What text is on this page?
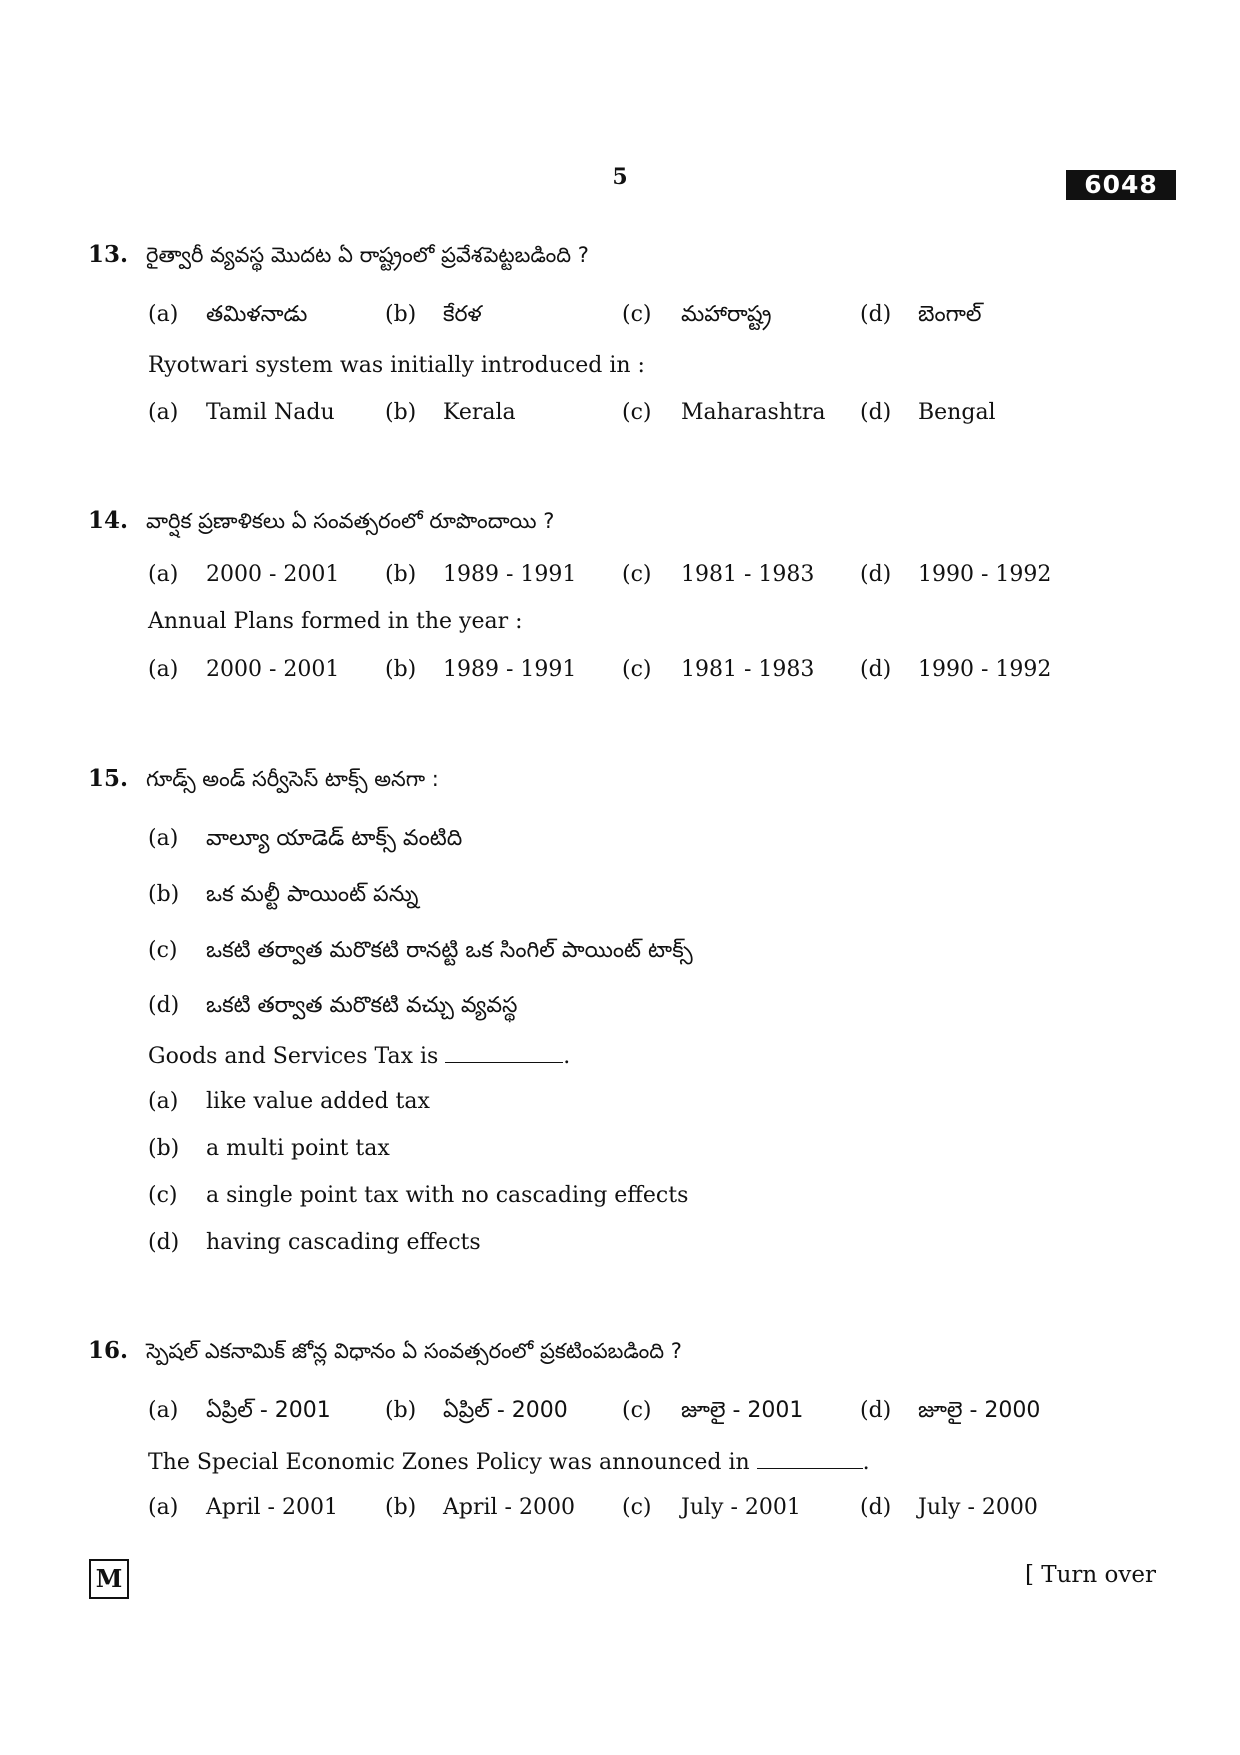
5	6048
13. రైత్వారీ వ్యవస్థ మొదట ఏ రాష్ట్రంలో ప్రవేశపెట్టబడింది ?
(a) తమిళనాడు	(b) కేరళ	(c) మహారాష్ట్ర	(d) బెంగాల్
Ryotwari system was initially introduced in :
(a) Tamil Nadu (b) Kerala	(c) Maharashtra (d) Bengal
14. వార్షిక ప్రణాళికలు ఏ సంవత్సరంలో రూపొందాయి ?
(a) 2000 - 2001 (b) 1989 - 1991 (c) 1981 - 1983 (d) 1990 - 1992
Annual Plans formed in the year :
(a) 2000 - 2001 (b) 1989 - 1991 (c) 1981 - 1983 (d) 1990 - 1992
15. గూడ్స్ అండ్ సర్వీసెస్ టాక్స్ అనగా :
(a) వాల్యూ యాడెడ్ టాక్స్ వంటిది
(b) ఒక మల్టీ పాయింట్ పన్ను
(c) ఒకటి తర్వాత మరొకటి రానట్టి ఒక సింగిల్ పాయింట్ టాక్స్
(d) ఒకటి తర్వాత మరొకటి వచ్చు వ్యవస్థ
Goods and Services Tax is	.
(a) like value added tax
(b) a multi point tax
(c) a single point tax with no cascading effects
(d) having cascading effects
16. స్పెషల్ ఎకనామిక్ జోన్ల విధానం ఏ సంవత్సరంలో ప్రకటింపబడింది ?
(a) ఏప్రిల్ - 2001 (b) ఏప్రిల్ - 2000 (c) జూలై - 2001	(d) జూలై - 2000
The Special Economic Zones Policy was announced in	.
(a) April - 2001 (b) April - 2000 (c) July - 2001	(d) July - 2000
M	[ Turn over
